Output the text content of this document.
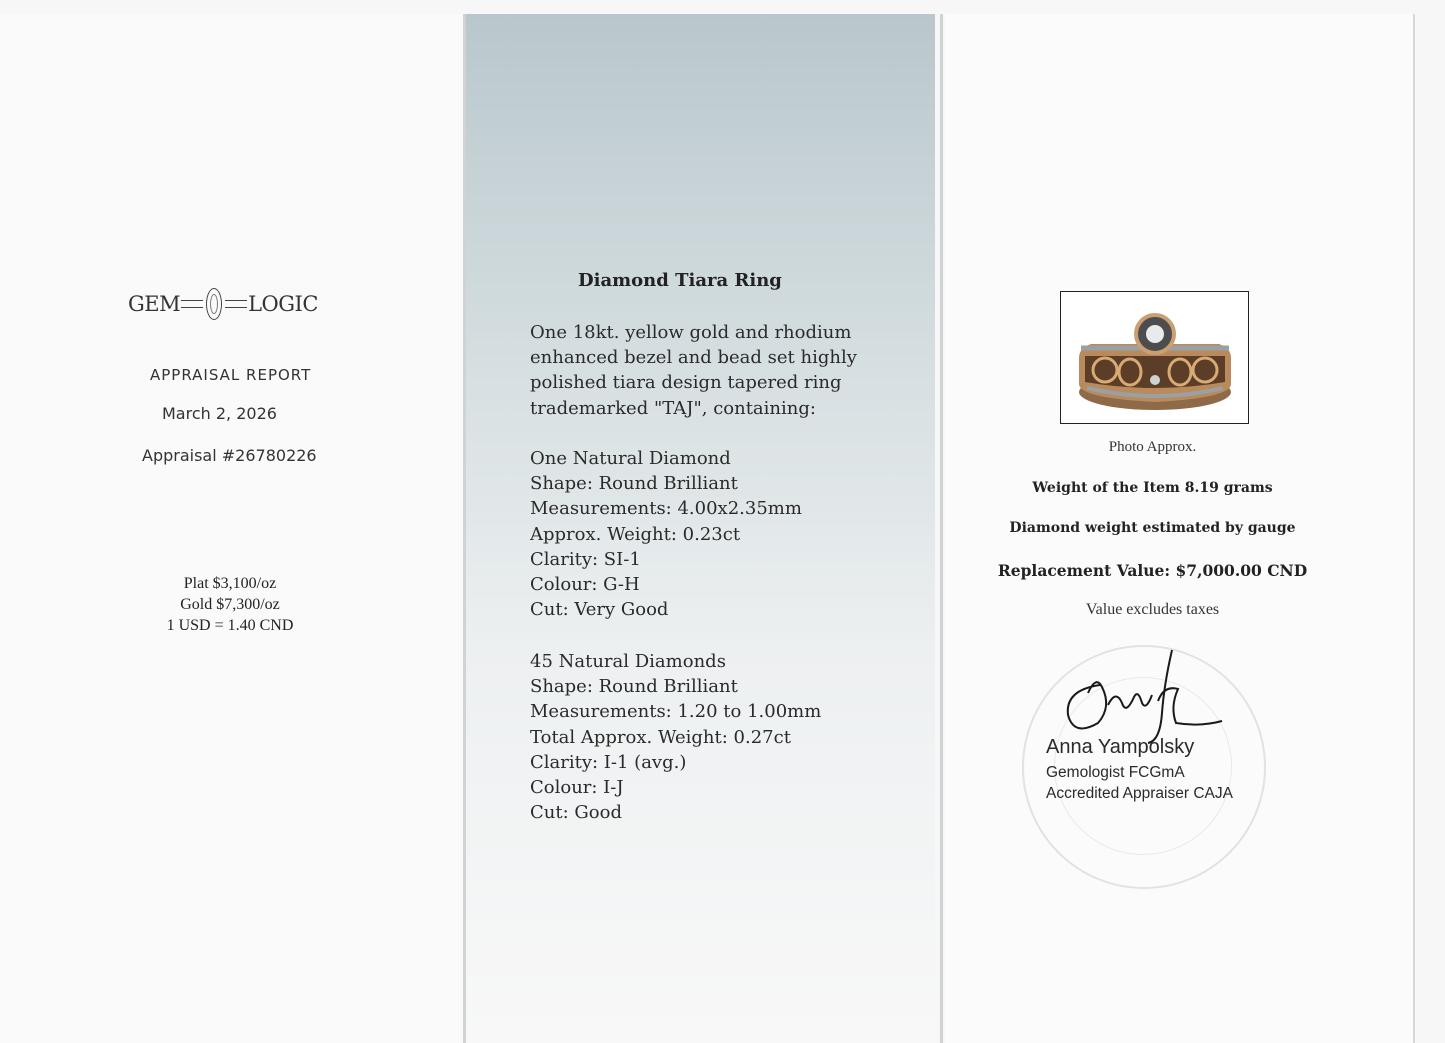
GEM	LOGIC
APPRAISAL REPORT
March 2, 2026
Appraisal #26780226
Plat $3,100/oz
Gold $7,300/oz
1 USD = 1.40 CND
Diamond Tiara Ring
One 18kt. yellow gold and rhodium
enhanced bezel and bead set highly
polished tiara design tapered ring
trademarked "TAJ", containing:
One Natural Diamond
Shape: Round Brilliant
Measurements: 4.00x2.35mm
Approx. Weight: 0.23ct
Clarity: SI-1
Colour: G-H
Cut: Very Good
45 Natural Diamonds
Shape: Round Brilliant
Measurements: 1.20 to 1.00mm
Total Approx. Weight: 0.27ct
Clarity: I-1 (avg.)
Colour: I-J
Cut: Good
Photo Approx.
Weight of the Item 8.19 grams
Diamond weight estimated by gauge
Replacement Value: $7,000.00 CND
Value excludes taxes
Anna Yampolsky
Gemologist FCGmA
Accredited Appraiser CAJA
